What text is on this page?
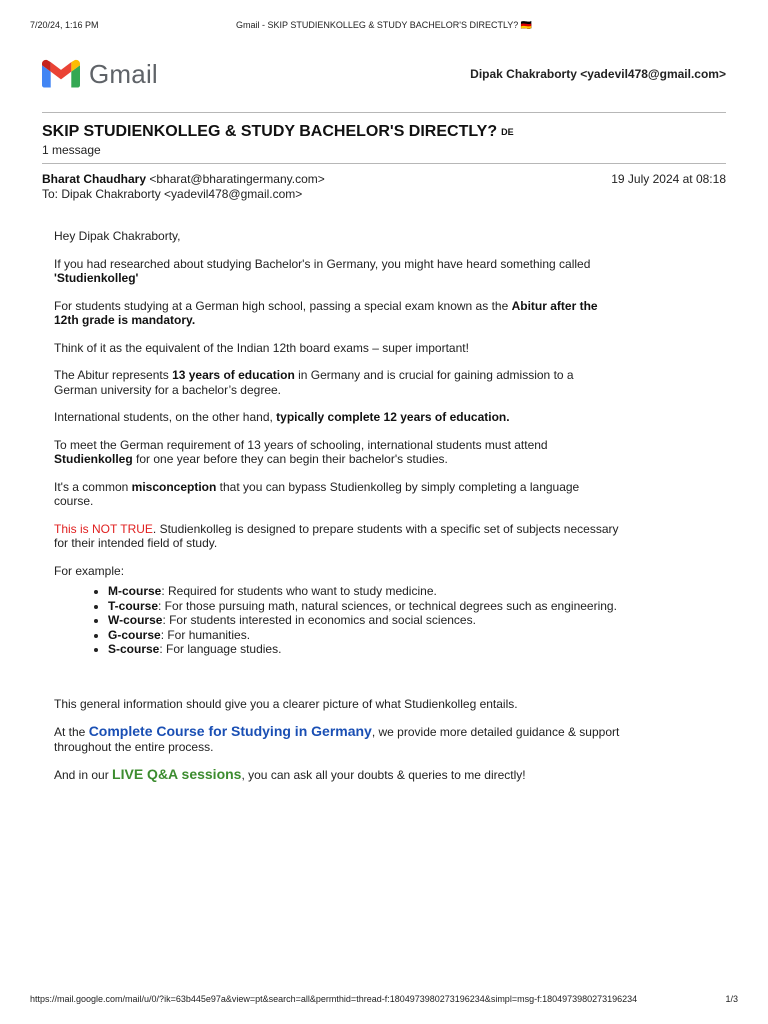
7/20/24, 1:16 PM	Gmail - SKIP STUDIENKOLLEG & STUDY BACHELOR'S DIRECTLY? 🇩🇪
Gmail	Dipak Chakraborty <yadevil478@gmail.com>
SKIP STUDIENKOLLEG & STUDY BACHELOR'S DIRECTLY? DE
1 message
Bharat Chaudhary <bharat@bharatingermany.com>	19 July 2024 at 08:18
To: Dipak Chakraborty <yadevil478@gmail.com>

Hey Dipak Chakraborty,

If you had researched about studying Bachelor's in Germany, you might have heard something called
'Studienkolleg'

For students studying at a German high school, passing a special exam known as the Abitur after the 12th grade is mandatory.

Think of it as the equivalent of the Indian 12th board exams – super important!

The Abitur represents 13 years of education in Germany and is crucial for gaining admission to a German university for a bachelor’s degree.

International students, on the other hand, typically complete 12 years of education.

To meet the German requirement of 13 years of schooling, international students must attend Studienkolleg for one year before they can begin their bachelor's studies.

It's a common misconception that you can bypass Studienkolleg by simply completing a language course.

This is NOT TRUE. Studienkolleg is designed to prepare students with a specific set of subjects necessary for their intended field of study.

For example:

• M-course: Required for students who want to study medicine.
• T-course: For those pursuing math, natural sciences, or technical degrees such as engineering.
• W-course: For students interested in economics and social sciences.
• G-course: For humanities.
• S-course: For language studies.

This general information should give you a clearer picture of what Studienkolleg entails.

At the Complete Course for Studying in Germany, we provide more detailed guidance & support throughout the entire process.

And in our LIVE Q&A sessions, you can ask all your doubts & queries to me directly!

https://mail.google.com/mail/u/0/?ik=63b445e97a&view=pt&search=all&permthid=thread-f:1804973980273196234&simpl=msg-f:1804973980273196234	1/3
